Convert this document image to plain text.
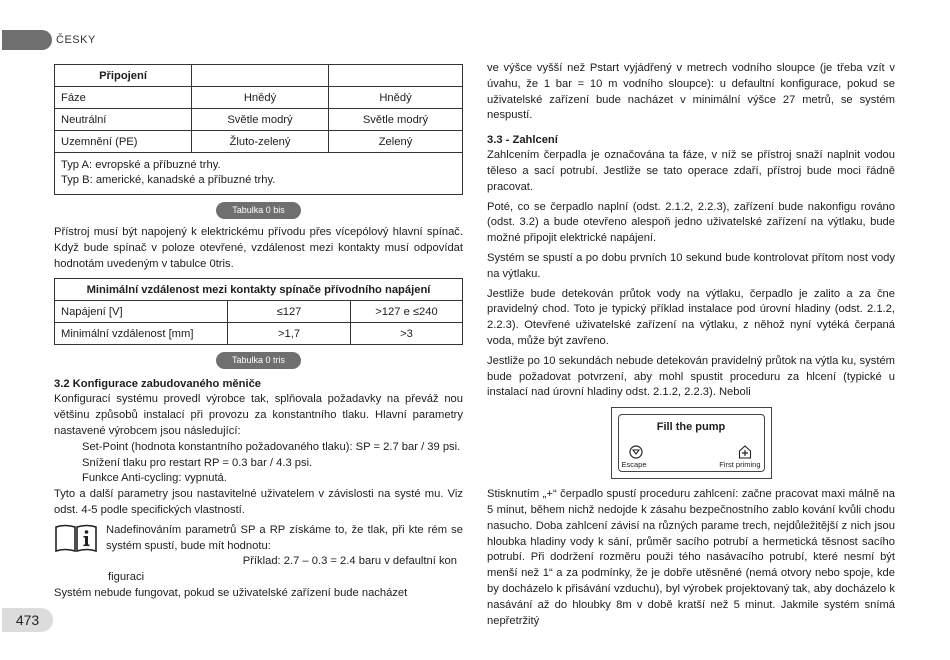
ČESKY
Připojení		
Fáze	Hnědý	Hnědý
Neutrální	Světle modrý	Světle modrý
Uzemnění (PE)	Žluto-zelený	Zelený

Typ A: evropské a příbuzné trhy.
Typ B: americké, kanadské a příbuzné trhy.		
Tabulka 0 bis

Přístroj musí být napojený k elektrickému přívodu přes vícepólový hlavní spínač. Když bude spínač v poloze otevřené, vzdálenost mezi kontakty musí odpovídat hodnotám uvedeným v tabulce 0tris.

Minimální vzdálenost mezi kontakty spínače přívodního napájení		
Napájení [V]	≤127	>127 e ≤240
Minimální vzdálenost [mm]	>1,7	>3
Tabulka 0 tris
3.2 Konfigurace zabudovaného měniče

Konfigurací systému provedl výrobce tak, splňovala požadavky na převáž nou většinu způsobů instalací při provozu za konstantního tlaku. Hlavní parametry nastavené výrobcem jsou následující:

Set-Point (hodnota konstantního požadovaného tlaku): SP = 2.7 bar / 39 psi.

Snížení tlaku pro restart RP = 0.3 bar / 4.3 psi.

Funkce Anti-cycling: vypnutá.

Tyto a další parametry jsou nastavitelné uživatelem v závislosti na systé mu. Viz odst. 4-5 podle specifických vlastností.

Nadefinováním parametrů SP a RP získáme to, že tlak, při kte rém se systém spustí, bude mít hodnotu:

Příklad: 2.7 – 0.3 = 2.4 baru v defaultní kon
figuraci

Systém nebude fungovat, pokud se uživatelské zařízení bude nacházet

ve výšce vyšší než Pstart vyjádřený v metrech vodního sloupce (je třeba vzít v úvahu, že 1 bar = 10 m vodního sloupce): u defaultní konfigurace, pokud se uživatelské zařízení bude nacházet v minimální výšce 27 metrů, se systém nespustí.

3.3 - Zahlcení

Zahlcením čerpadla je označována ta fáze, v níž se přístroj snaží naplnit vodou těleso a sací potrubí. Jestliže se tato operace zdaří, přístroj bude moci řádně pracovat.

Poté, co se čerpadlo naplní (odst. 2.1.2, 2.2.3), zařízení bude nakonfigu rováno (odst. 3.2) a bude otevřeno alespoň jedno uživatelské zařízení na výtlaku, bude možné připojit elektrické napájení.

Systém se spustí a po dobu prvních 10 sekund bude kontrolovat přítom nost vody na výtlaku.

Jestliže bude detekován průtok vody na výtlaku, čerpadlo je zalito a za čne pravidelný chod. Toto je typický příklad instalace pod úrovní hladiny (odst. 2.1.2, 2.2.3). Otevřené uživatelské zařízení na výtlaku, z něhož nyní vytéká čerpaná voda, může být zavřeno.

Jestliže po 10 sekundách nebude detekován pravidelný průtok na výtla ku, systém bude požadovat potvrzení, aby mohl spustit proceduru za hlcení (typické u instalací nad úrovní hladiny odst. 2.1.2, 2.2.3). Neboli

Fill the pump
Escape	First priming

Stisknutím „+“ čerpadlo spustí proceduru zahlcení: začne pracovat maxi málně na 5 minut, během nichž nedojde k zásahu bezpečnostního zablo kování kvůli chodu nasucho. Doba zahlcení závisí na různých parame trech, nejdůležitější z nich jsou hloubka hladiny vody k sání, průměr sacího potrubí a hermetická těsnost sacího potrubí. Při dodržení rozměru použi tého nasávacího potrubí, které nesmí být menší než 1“ a za podmínky, že je dobře utěsněné (nemá otvory nebo spoje, kde by docházelo k přisávání vzduchu), byl výrobek projektovaný tak, aby docházelo k nasávání až do hloubky 8m v době kratší než 5 minut. Jakmile systém snímá nepřetržitý

473
